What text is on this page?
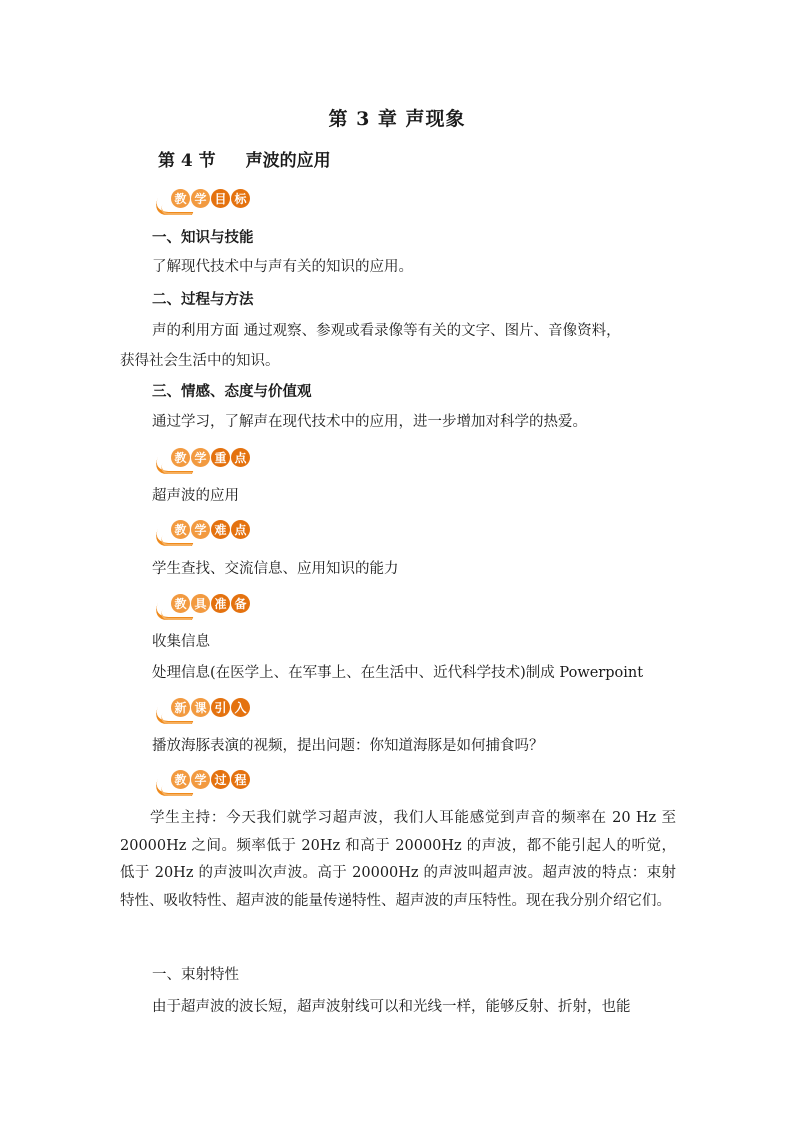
第 3 章 声现象
第 4 节 声波的应用
教 学 目 标
一、知识与技能
了解现代技术中与声有关的知识的应用。
二、过程与方法
声的利用方面 通过观察、参观或看录像等有关的文字、图片、音像资料，
获得社会生活中的知识。
三、情感、态度与价值观
通过学习，了解声在现代技术中的应用，进一步增加对科学的热爱。
教 学 重 点
超声波的应用
教 学 难 点
学生查找、交流信息、应用知识的能力
教 具 准 备
收集信息
处理信息(在医学上、在军事上、在生活中、近代科学技术)制成 Powerpoint
新 课 引 入
播放海豚表演的视频，提出问题：你知道海豚是如何捕食吗？
教 学 过 程
学生主持：今天我们就学习超声波，我们人耳能感觉到声音的频率在 20 Hz 至 20000Hz 之间。频率低于 20Hz 和高于 20000Hz 的声波，都不能引起人的听觉，低于 20Hz 的声波叫次声波。高于 20000Hz 的声波叫超声波。超声波的特点：束射特性、吸收特性、超声波的能量传递特性、超声波的声压特性。现在我分别介绍它们。
一、束射特性
由于超声波的波长短，超声波射线可以和光线一样，能够反射、折射，也能
